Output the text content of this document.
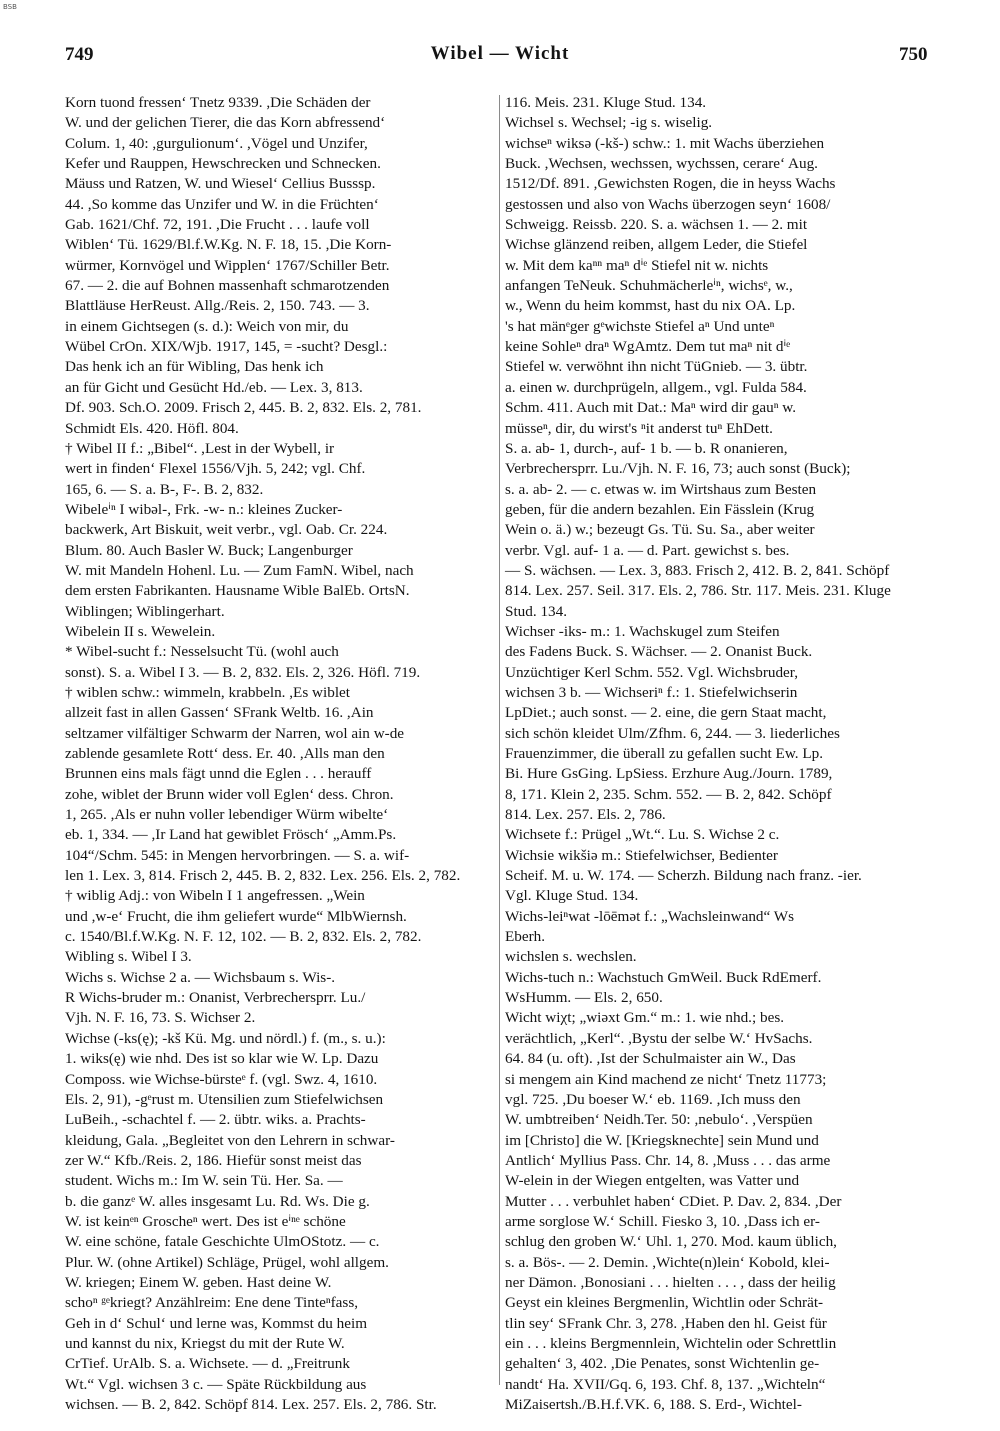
BSB
749	Wibel — Wicht	750
Korn tuond fressen‘ Tnetz 9339. ,Die Schäden der
W. und der gelichen Tierer, die das Korn abfressend‘
Colum. 1, 40: ,gurgulionum‘. ,Vögel und Unzifer,
Kefer und Rauppen, Hewschrecken und Schnecken.
Mäuss und Ratzen, W. und Wiesel‘ Cellius Busssp.
44. ,So komme das Unzifer und W. in die Früchten‘
Gab. 1621/Chf. 72, 191. ,Die Frucht . . . laufe voll
Wiblen‘ Tü. 1629/Bl.f.W.Kg. N. F. 18, 15. ,Die Korn-
würmer, Kornvögel und Wipplen‘ 1767/Schiller Betr.
67. — 2. die auf Bohnen massenhaft schmarotzenden
Blattläuse HerReust. Allg./Reis. 2, 150. 743. — 3.
in einem Gichtsegen (s. d.): Weich von mir, du
Wübel CrOn. XIX/Wjb. 1917, 145, = -sucht? Desgl.:
Das henk ich an für Wibling, Das henk ich
an für Gicht und Gesücht Hd./eb. — Lex. 3, 813.
Df. 903. Sch.O. 2009. Frisch 2, 445. B. 2, 832. Els. 2, 781.
Schmidt Els. 420. Höfl. 804.
† Wibel II f.: „Bibel“. ,Lest in der Wybell, ir
wert in finden‘ Flexel 1556/Vjh. 5, 242; vgl. Chf.
165, 6. — S. a. B-, F-. B. 2, 832.
Wibeleⁱⁿ I wibəl-, Frk. -w- n.: kleines Zucker-
backwerk, Art Biskuit, weit verbr., vgl. Oab. Cr. 224.
Blum. 80. Auch Basler W. Buck; Langenburger
W. mit Mandeln Hohenl. Lu. — Zum FamN. Wibel, nach
dem ersten Fabrikanten. Hausname Wible BalEb. OrtsN.
Wiblingen; Wiblingerhart.
Wibelein II s. Wewelein.
* Wibel-sucht f.: Nesselsucht Tü. (wohl auch
sonst). S. a. Wibel I 3. — B. 2, 832. Els. 2, 326. Höfl. 719.
† wiblen schw.: wimmeln, krabbeln. ,Es wiblet
allzeit fast in allen Gassen‘ SFrank Weltb. 16. ,Ain
seltzamer vilfältiger Schwarm der Narren, wol ain w-de
zablende gesamlete Rott‘ dess. Er. 40. ,Alls man den
Brunnen eins mals fägt unnd die Eglen . . . herauff
zohe, wiblet der Brunn wider voll Eglen‘ dess. Chron.
1, 265. ,Als er nuhn voller lebendiger Würm wibelte‘
eb. 1, 334. — ,Ir Land hat gewiblet Frösch‘ „Amm.Ps.
104“/Schm. 545: in Mengen hervorbringen. — S. a. wif-
len 1. Lex. 3, 814. Frisch 2, 445. B. 2, 832. Lex. 256. Els. 2, 782.
† wiblig Adj.: von Wibeln I 1 angefressen. „Wein
und ,w-e‘ Frucht, die ihm geliefert wurde“ MlbWiernsh.
c. 1540/Bl.f.W.Kg. N. F. 12, 102. — B. 2, 832. Els. 2, 782.
Wibling s. Wibel I 3.
Wichs s. Wichse 2 a. — Wichsbaum s. Wis-.
R Wichs-bruder m.: Onanist, Verbrechersprr. Lu./
Vjh. N. F. 16, 73. S. Wichser 2.
Wichse (-ks(ę); -kš Kü. Mg. und nördl.) f. (m., s. u.):
1. wiks(ę) wie nhd. Des ist so klar wie W. Lp. Dazu
Composs. wie Wichse-bürsteᵉ f. (vgl. Swz. 4, 1610.
Els. 2, 91), -gᵉrust m. Utensilien zum Stiefelwichsen
LuBeih., -schachtel f. — 2. übtr. wiks. a. Prachts-
kleidung, Gala. „Begleitet von den Lehrern in schwar-
zer W.“ Kfb./Reis. 2, 186. Hiefür sonst meist das
student. Wichs m.: Im W. sein Tü. Her. Sa. —
b. die ganzᵉ W. alles insgesamt Lu. Rd. Ws. Die g.
W. ist keinᵉⁿ Groscheⁿ wert. Des ist eⁱⁿᵉ schöne
W. eine schöne, fatale Geschichte UlmOStotz. — c.
Plur. W. (ohne Artikel) Schläge, Prügel, wohl allgem.
W. kriegen; Einem W. geben. Hast deine W.
schoⁿ ᵍᵉkriegt? Anzählreim: Ene dene Tinteⁿfass,
Geh in d‘ Schul‘ und lerne was, Kommst du heim
und kannst du nix, Kriegst du mit der Rute W.
CrTief. UrAlb. S. a. Wichsete. — d. „Freitrunk
Wt.“ Vgl. wichsen 3 c. — Späte Rückbildung aus
wichsen. — B. 2, 842. Schöpf 814. Lex. 257. Els. 2, 786. Str.
116. Meis. 231. Kluge Stud. 134.
Wichsel s. Wechsel; -ig s. wiselig.
wichseⁿ wiksə (-kš-) schw.: 1. mit Wachs überziehen
Buck. ,Wechsen, wechssen, wychssen, cerare‘ Aug.
1512/Df. 891. ,Gewichsten Rogen, die in heyss Wachs
gestossen und also von Wachs überzogen seyn‘ 1608/
Schweigg. Reissb. 220. S. a. wächsen 1. — 2. mit
Wichse glänzend reiben, allgem Leder, die Stiefel
w. Mit dem kaⁿⁿ maⁿ dⁱᵉ Stiefel nit w. nichts
anfangen TeNeuk. Schuhmächerleⁱⁿ, wichsᵉ, w.,
w., Wenn du heim kommst, hast du nix OA. Lp.
's hat mänᵉger gᵉwichste Stiefel aⁿ Und unteⁿ
keine Sohleⁿ draⁿ WgAmtz. Dem tut maⁿ nit dⁱᵉ
Stiefel w. verwöhnt ihn nicht TüGnieb. — 3. übtr.
a. einen w. durchprügeln, allgem., vgl. Fulda 584.
Schm. 411. Auch mit Dat.: Maⁿ wird dir gauⁿ w.
müsseⁿ, dir, du wirst's ⁿit anderst tuⁿ EhDett.
S. a. ab- 1, durch-, auf- 1 b. — b. R onanieren,
Verbrechersprr. Lu./Vjh. N. F. 16, 73; auch sonst (Buck);
s. a. ab- 2. — c. etwas w. im Wirtshaus zum Besten
geben, für die andern bezahlen. Ein Fässlein (Krug
Wein o. ä.) w.; bezeugt Gs. Tü. Su. Sa., aber weiter
verbr. Vgl. auf- 1 a. — d. Part. gewichst s. bes.
— S. wächsen. — Lex. 3, 883. Frisch 2, 412. B. 2, 841. Schöpf
814. Lex. 257. Seil. 317. Els. 2, 786. Str. 117. Meis. 231. Kluge
Stud. 134.
Wichser -iks- m.: 1. Wachskugel zum Steifen
des Fadens Buck. S. Wächser. — 2. Onanist Buck.
Unzüchtiger Kerl Schm. 552. Vgl. Wichsbruder,
wichsen 3 b. — Wichseriⁿ f.: 1. Stiefelwichserin
LpDiet.; auch sonst. — 2. eine, die gern Staat macht,
sich schön kleidet Ulm/Zfhm. 6, 244. — 3. liederliches
Frauenzimmer, die überall zu gefallen sucht Ew. Lp.
Bi. Hure GsGing. LpSiess. Erzhure Aug./Journ. 1789,
8, 171. Klein 2, 235. Schm. 552. — B. 2, 842. Schöpf
814. Lex. 257. Els. 2, 786.
Wichsete f.: Prügel „Wt.“. Lu. S. Wichse 2 c.
Wichsie wikšiə m.: Stiefelwichser, Bedienter
Scheif. M. u. W. 174. — Scherzh. Bildung nach franz. -ier.
Vgl. Kluge Stud. 134.
Wichs-leiⁿwat -lōēmət f.: „Wachsleinwand“ Ws
Eberh.
wichslen s. wechslen.
Wichs-tuch n.: Wachstuch GmWeil. Buck RdEmerf.
WsHumm. — Els. 2, 650.
Wicht wiχt; „wiəxt Gm.“ m.: 1. wie nhd.; bes.
verächtlich, „Kerl“. ,Bystu der selbe W.‘ HvSachs.
64. 84 (u. oft). ,Ist der Schulmaister ain W., Das
si mengem ain Kind machend ze nicht‘ Tnetz 11773;
vgl. 725. ,Du boeser W.‘ eb. 1169. ,Ich muss den
W. umbtreiben‘ Neidh.Ter. 50: ,nebulo‘. ,Verspüen
im [Christo] die W. [Kriegsknechte] sein Mund und
Antlich‘ Myllius Pass. Chr. 14, 8. ,Muss . . . das arme
W-elein in der Wiegen entgelten, was Vatter und
Mutter . . . verbuhlet haben‘ CDiet. P. Dav. 2, 834. ,Der
arme sorglose W.‘ Schill. Fiesko 3, 10. ,Dass ich er-
schlug den groben W.‘ Uhl. 1, 270. Mod. kaum üblich,
s. a. Bös-. — 2. Demin. ,Wichte(n)lein‘ Kobold, klei-
ner Dämon. ,Bonosiani . . . hielten . . . , dass der heilig
Geyst ein kleines Bergmenlin, Wichtlin oder Schrät-
tlin sey‘ SFrank Chr. 3, 278. ,Haben den hl. Geist für
ein . . . kleins Bergmennlein, Wichtelin oder Schrettlin
gehalten‘ 3, 402. ,Die Penates, sonst Wichtenlin ge-
nandt‘ Ha. XVII/Gq. 6, 193. Chf. 8, 137. „Wichteln“
MiZaisertsh./B.H.f.VK. 6, 188. S. Erd-, Wichtel-
